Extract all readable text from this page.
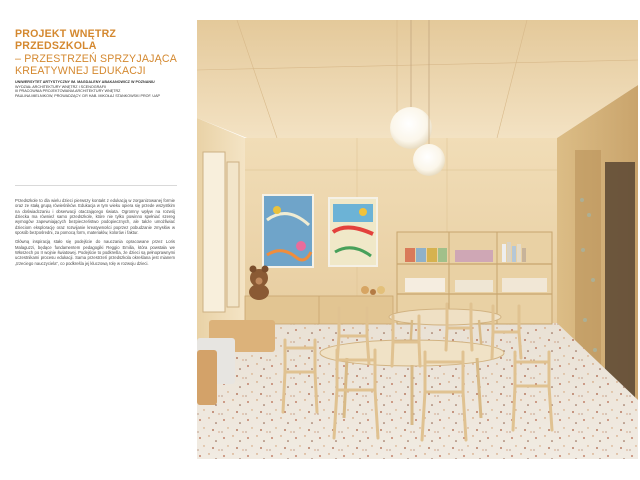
PROJEKT WNĘTRZ PRZEDSZKOLA
– PRZESTRZEŃ SPRZYJAJĄCA
KREATYWNEJ EDUKACJI
UNIWERSYTET ARTYSTYCZNY IM. MAGDALENY ABAKANOWICZ W POZNANIU
WYDZIAŁ ARCHITEKTURY WNĘTRZ I SCENOGRAFII
III PRACOWNIA PROJEKTOWANIA ARCHITEKTURY WNĘTRZ
PAULINA MIELNIKOW, PROWADZĄCY: DR HAB. MIKOŁAJ STANKOWSKI PROF. UAP

Przedszkole to dla wielu dzieci pierwszy kontakt z edukacją w zorganizowanej formie oraz ze stałą grupą rówieśników. Edukacja w tym wieku opiera się przede wszystkim na doświadczaniu i obserwacji otaczającego świata. Ogromny wpływ na rozwój dziecka ma również samo przedszkole, które nie tylko powinno spełniać szereg wymogów zapewniających bezpieczeństwo podopiecznych, ale także umożliwiać dzieciom eksplorację oraz rozwijanie kreatywności poprzez pobudzanie zmysłów w sposób bezpośredni, za pomocą form, materiałów, kolorów i faktur.

Główną inspiracją stało się podejście do nauczania opracowane przez Loris Malaguzzi, będące fundamentem pedagogiki Reggio Emilia, która powstała we Włoszech po II wojnie światowej. Podejście to podkreśla, że dzieci są pełnoprawnymi uczestnikami procesu edukacji. Sama przestrzeń przedszkola określana jest mianem „trzeciego nauczyciela”, co podkreśla jej kluczową rolę w rozwoju dzieci.
